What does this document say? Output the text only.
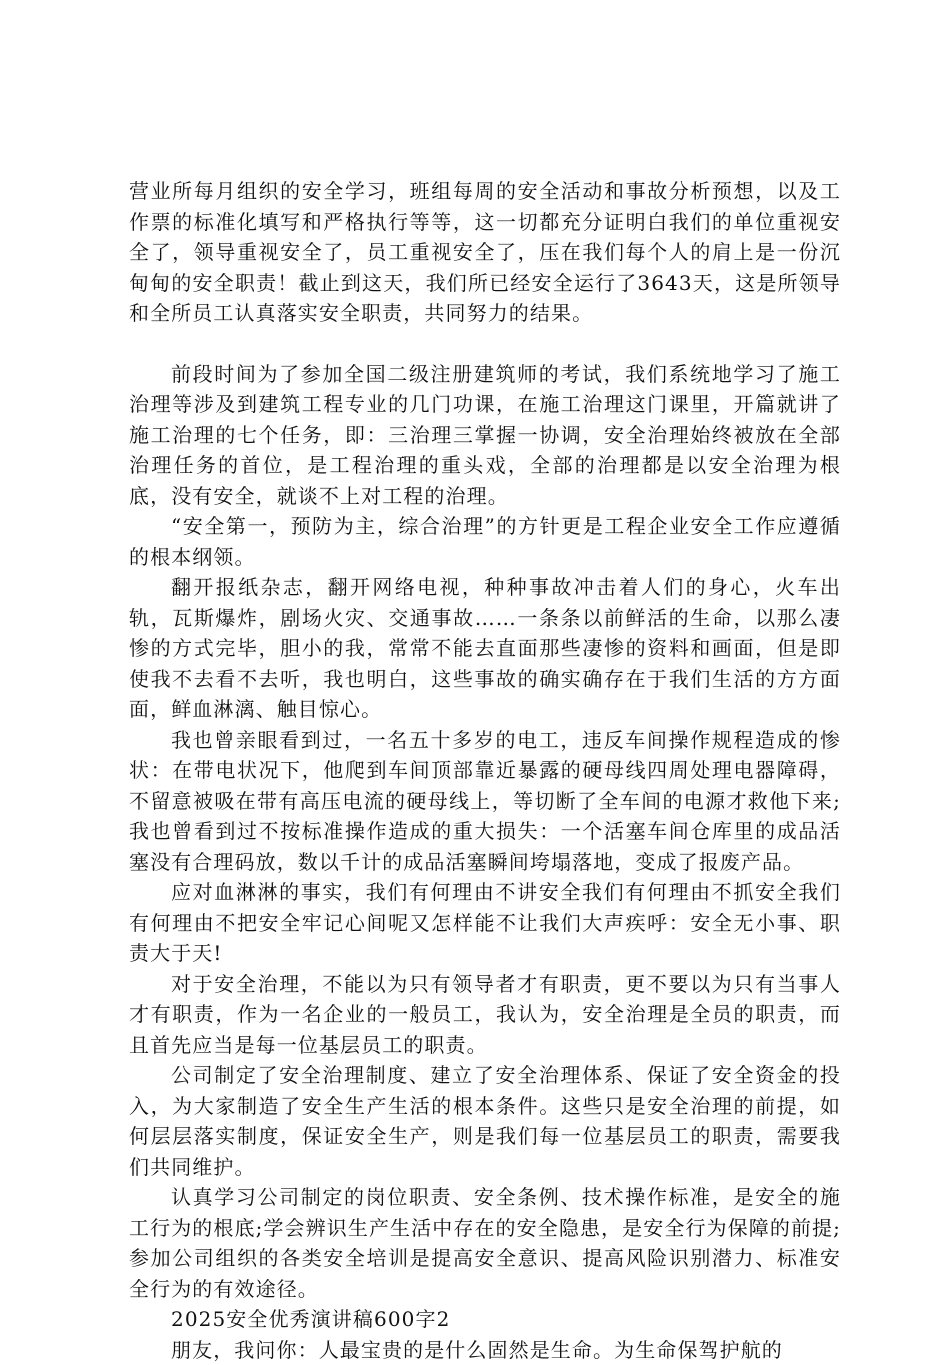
营业所每月组织的安全学习，班组每周的安全活动和事故分析预想，以及工作票的标准化填写和严格执行等等，这一切都充分证明白我们的单位重视安全了，领导重视安全了，员工重视安全了，压在我们每个人的肩上是一份沉甸甸的安全职责！截止到这天，我们所已经安全运行了3643天，这是所领导和全所员工认真落实安全职责，共同努力的结果。

前段时间为了参加全国二级注册建筑师的考试，我们系统地学习了施工治理等涉及到建筑工程专业的几门功课，在施工治理这门课里，开篇就讲了施工治理的七个任务，即：三治理三掌握一协调，安全治理始终被放在全部治理任务的首位，是工程治理的重头戏，全部的治理都是以安全治理为根底，没有安全，就谈不上对工程的治理。

“安全第一，预防为主，综合治理”的方针更是工程企业安全工作应遵循的根本纲领。

翻开报纸杂志，翻开网络电视，种种事故冲击着人们的身心，火车出轨，瓦斯爆炸，剧场火灾、交通事故……一条条以前鲜活的生命，以那么凄惨的方式完毕，胆小的我，常常不能去直面那些凄惨的资料和画面，但是即使我不去看不去听，我也明白，这些事故的确实确存在于我们生活的方方面面，鲜血淋漓、触目惊心。

我也曾亲眼看到过，一名五十多岁的电工，违反车间操作规程造成的惨状：在带电状况下，他爬到车间顶部靠近暴露的硬母线四周处理电器障碍，不留意被吸在带有高压电流的硬母线上，等切断了全车间的电源才救他下来;我也曾看到过不按标准操作造成的重大损失：一个活塞车间仓库里的成品活塞没有合理码放，数以千计的成品活塞瞬间垮塌落地，变成了报废产品。

应对血淋淋的事实，我们有何理由不讲安全我们有何理由不抓安全我们有何理由不把安全牢记心间呢又怎样能不让我们大声疾呼：安全无小事、职责大于天!

对于安全治理，不能以为只有领导者才有职责，更不要以为只有当事人才有职责，作为一名企业的一般员工，我认为，安全治理是全员的职责，而且首先应当是每一位基层员工的职责。

公司制定了安全治理制度、建立了安全治理体系、保证了安全资金的投入，为大家制造了安全生产生活的根本条件。这些只是安全治理的前提，如何层层落实制度，保证安全生产，则是我们每一位基层员工的职责，需要我们共同维护。

认真学习公司制定的岗位职责、安全条例、技术操作标准，是安全的施工行为的根底;学会辨识生产生活中存在的安全隐患，是安全行为保障的前提;参加公司组织的各类安全培训是提高安全意识、提高风险识别潜力、标准安全行为的有效途径。

2025安全优秀演讲稿600字2

朋友，我问你：人最宝贵的是什么固然是生命。为生命保驾护航的
